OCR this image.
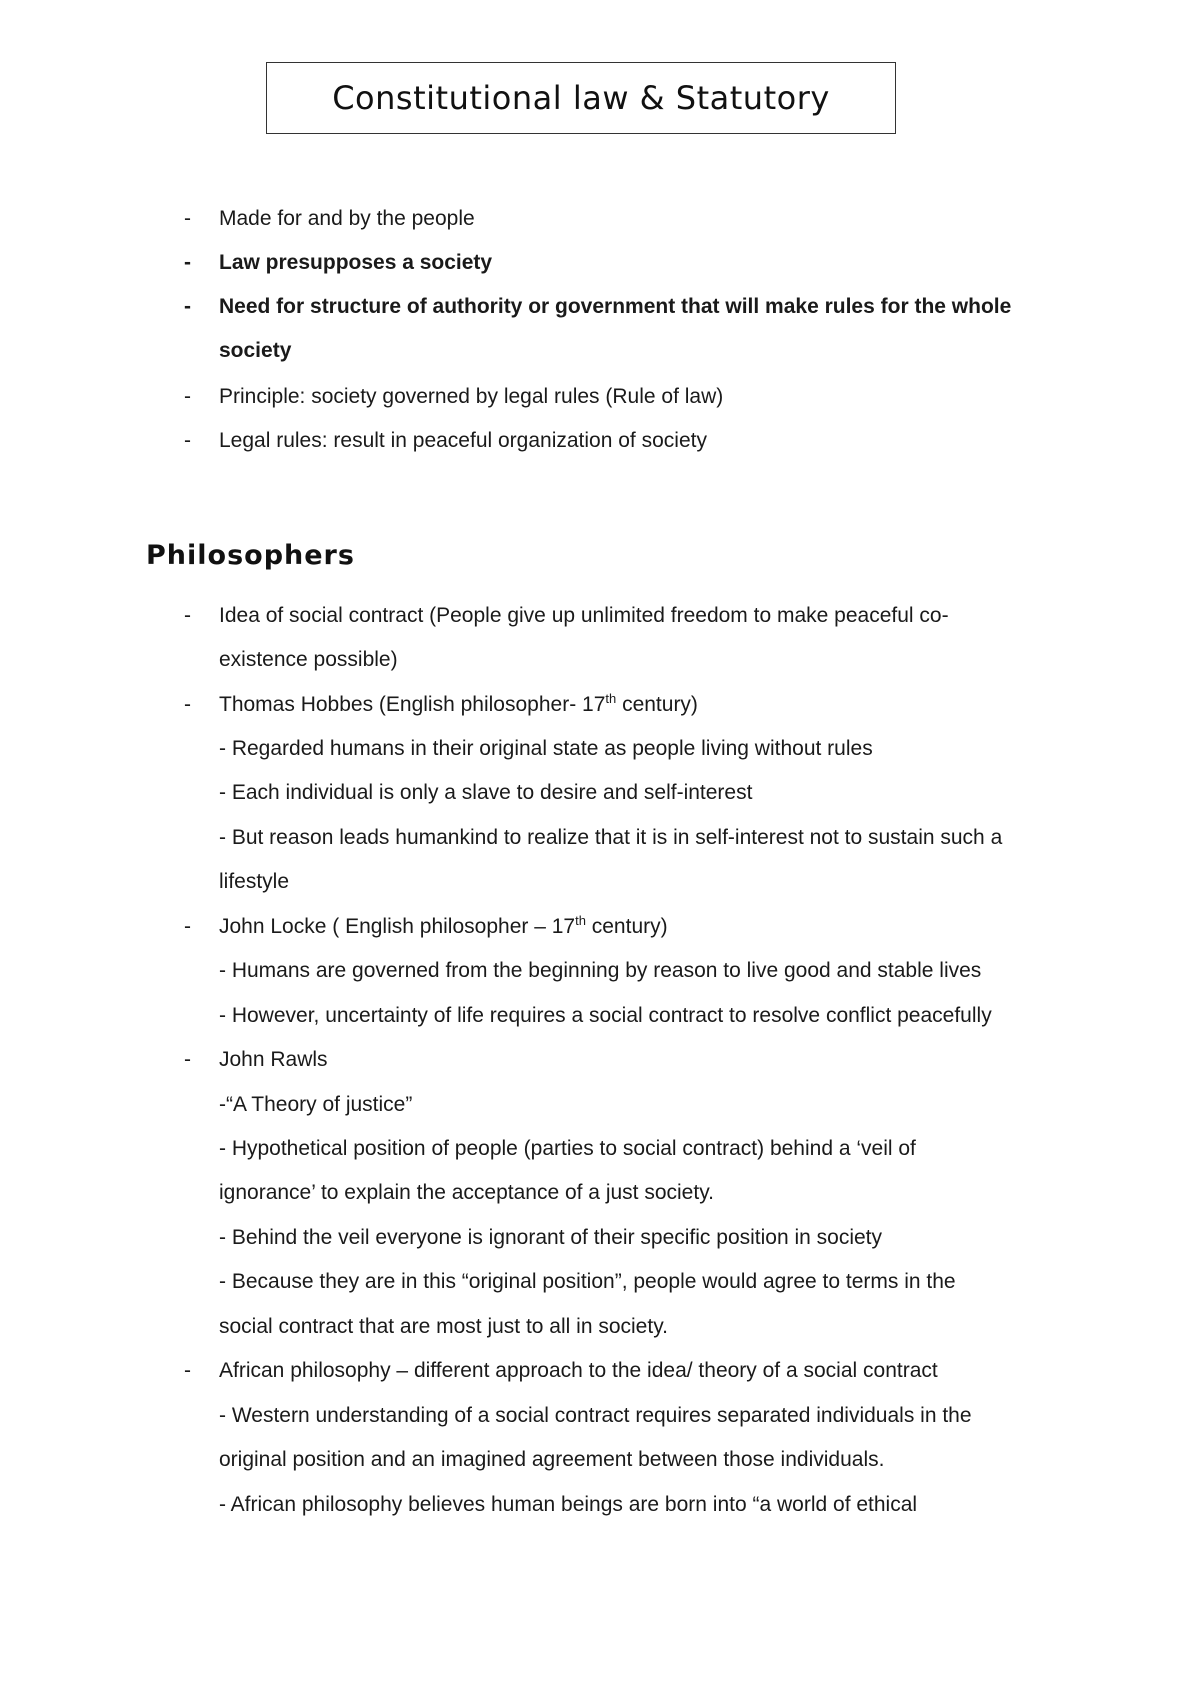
Constitutional law & Statutory
- Made for and by the people
- Law presupposes a society
- Need for structure of authority or government that will make rules for the whole
society
- Principle: society governed by legal rules (Rule of law)
- Legal rules: result in peaceful organization of society
Philosophers
- Idea of social contract (People give up unlimited freedom to make peaceful co-
existence possible)
- Thomas Hobbes (English philosopher- 17th century)
- Regarded humans in their original state as people living without rules
- Each individual is only a slave to desire and self-interest
- But reason leads humankind to realize that it is in self-interest not to sustain such a
lifestyle
- John Locke ( English philosopher – 17th century)
- Humans are governed from the beginning by reason to live good and stable lives
- However, uncertainty of life requires a social contract to resolve conflict peacefully
- John Rawls
-“A Theory of justice”
- Hypothetical position of people (parties to social contract) behind a ‘veil of
ignorance’ to explain the acceptance of a just society.
- Behind the veil everyone is ignorant of their specific position in society
- Because they are in this “original position”, people would agree to terms in the
social contract that are most just to all in society.
- African philosophy – different approach to the idea/ theory of a social contract
- Western understanding of a social contract requires separated individuals in the
original position and an imagined agreement between those individuals.
- African philosophy believes human beings are born into “a world of ethical
